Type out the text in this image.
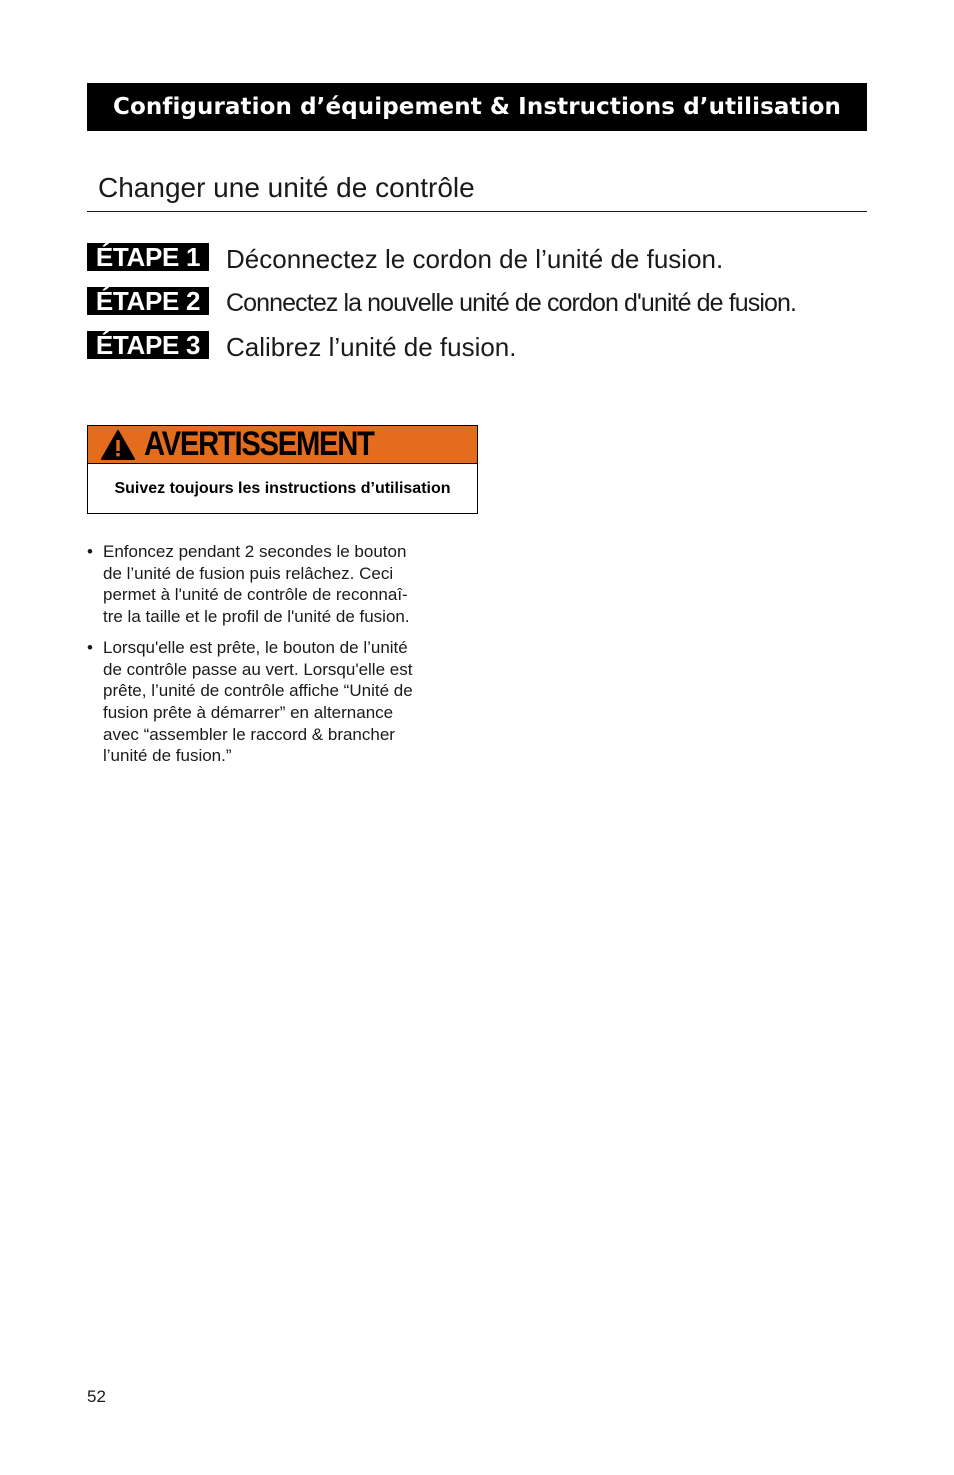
Configuration d’équipement & Instructions d’utilisation
Changer une unité de contrôle
ÉTAPE 1 Déconnectez le cordon de l’unité de fusion.
ÉTAPE 2	Connectez la nouvelle unité de cordon d'unité de fusion.
ÉTAPE 3 Calibrez l’unité de fusion.
AVERTISSEMENT
Suivez toujours les instructions d’utilisation
• Enfoncez pendant 2 secondes le bouton
de l’unité de fusion puis relâchez. Ceci
permet à l'unité de contrôle de reconnaî-
tre la taille et le profil de l'unité de fusion.
• Lorsqu'elle est prête, le bouton de l’unité
de contrôle passe au vert. Lorsqu'elle est
prête, l’unité de contrôle affiche “Unité de
fusion prête à démarrer” en alternance
avec “assembler le raccord & brancher
l’unité de fusion.”
52
